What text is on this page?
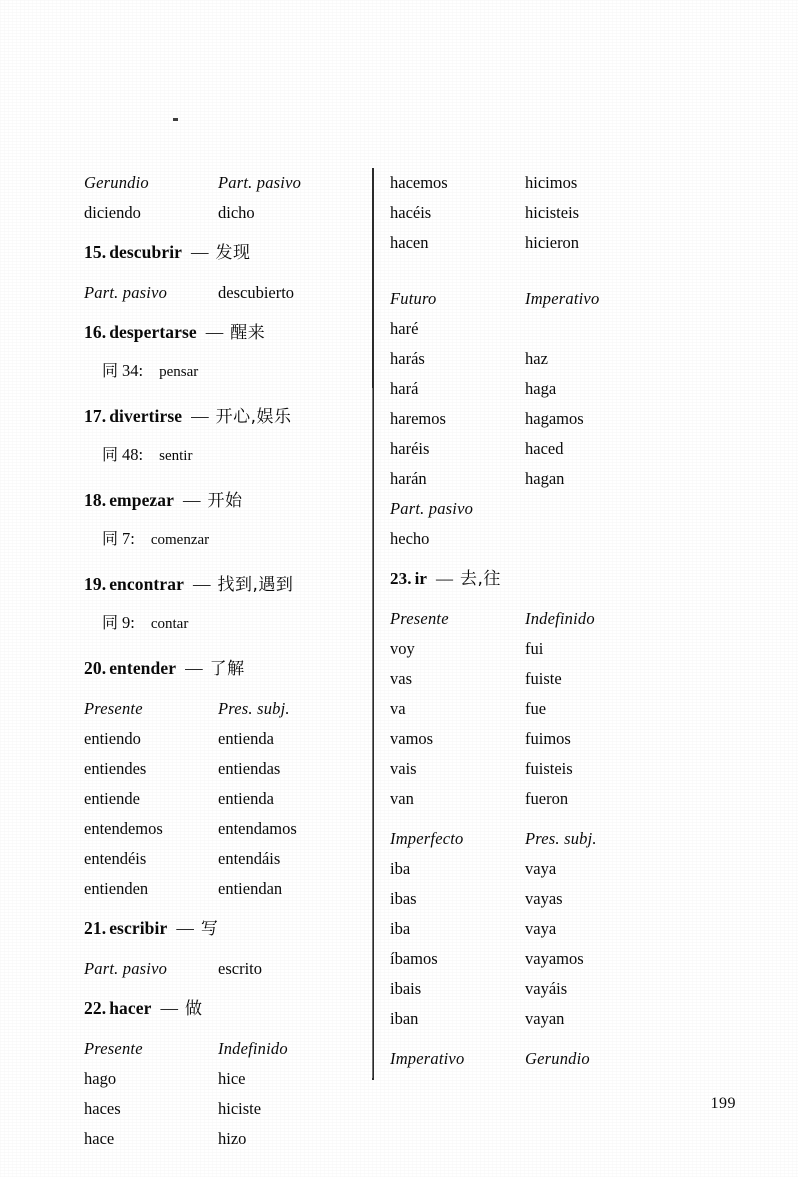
Gerundio	Part. pasivo
diciendo	dicho
15. descubrir — 发现
Part. pasivo	descubierto
16. despertarse — 醒来
同 34: pensar
17. divertirse — 开心,娱乐
同 48: sentir
18. empezar — 开始
同 7: comenzar
19. encontrar — 找到,遇到
同 9: contar
20. entender — 了解
Presente	Pres. subj.
entiendo	entienda
entiendes	entiendas
entiende	entienda
entendemos	entendamos
entendéis	entendáis
entienden	entiendan
21. escribir — 写
Part. pasivo	escrito
22. hacer — 做
Presente	Indefinido
hago	hice
haces	hiciste
hace	hizo
hacemos	hicimos
hacéis	hicisteis
hacen	hicieron
Futuro	Imperativo
haré
harás	haz
hará	haga
haremos	hagamos
haréis	haced
harán	hagan
Part. pasivo
hecho
23. ir — 去,往
Presente	Indefinido
voy	fui
vas	fuiste
va	fue
vamos	fuimos
vais	fuisteis
van	fueron
Imperfecto	Pres. subj.
iba	vaya
ibas	vayas
iba	vaya
íbamos	vayamos
ibais	vayáis
iban	vayan
Imperativo	Gerundio
199
